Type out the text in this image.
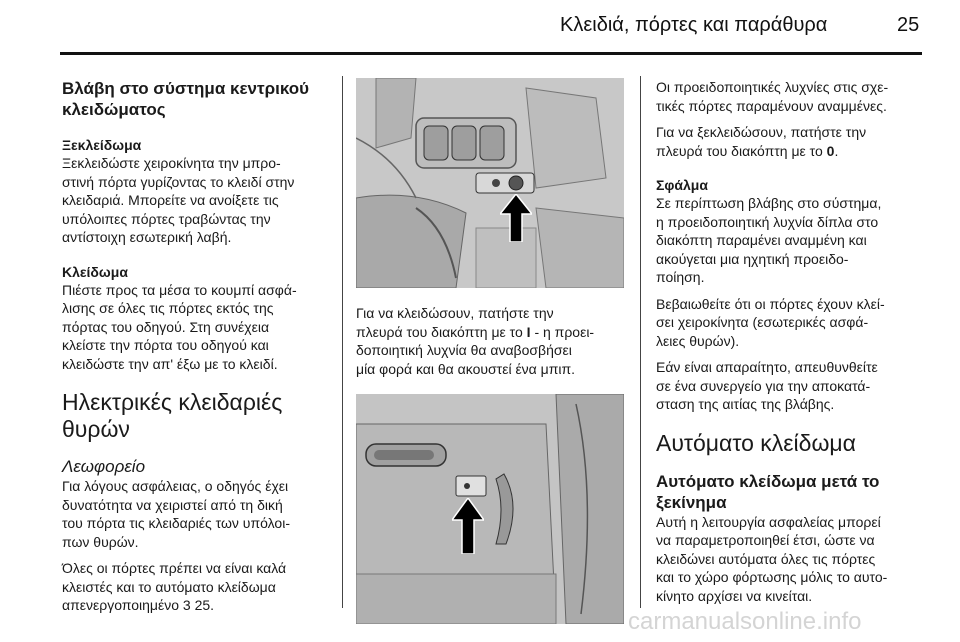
Κλειδιά, πόρτες και παράθυρα	25
Βλάβη στο σύστημα κεντρικού
κλειδώματος
Ξεκλείδωμα

Ξεκλειδώστε χειροκίνητα την μπρο-
στινή πόρτα γυρίζοντας το κλειδί στην
κλειδαριά. Μπορείτε να ανοίξετε τις
υπόλοιπες πόρτες τραβώντας την
αντίστοιχη εσωτερική λαβή.

Κλείδωμα

Πιέστε προς τα μέσα το κουμπί ασφά-
λισης σε όλες τις πόρτες εκτός της
πόρτας του οδηγού. Στη συνέχεια
κλείστε την πόρτα του οδηγού και
κλειδώστε την απ' έξω με το κλειδί.

Ηλεκτρικές κλειδαριές
θυρών
Λεωφορείο

Για λόγους ασφάλειας, ο οδηγός έχει
δυνατότητα να χειριστεί από τη δική
του πόρτα τις κλειδαριές των υπόλοι-
πων θυρών.

Όλες οι πόρτες πρέπει να είναι καλά
κλειστές και το αυτόματο κλείδωμα
απενεργοποιημένο 3 25.

Για να κλειδώσουν, πατήστε την
πλευρά του διακόπτη με το I - η προει-
δοποιητική λυχνία θα αναβοσβήσει
μία φορά και θα ακουστεί ένα μπιπ.

Οι προειδοποιητικές λυχνίες στις σχε-
τικές πόρτες παραμένουν αναμμένες.

Για να ξεκλειδώσουν, πατήστε την
πλευρά του διακόπτη με το 0.

Σφάλμα

Σε περίπτωση βλάβης στο σύστημα,
η προειδοποιητική λυχνία δίπλα στο
διακόπτη παραμένει αναμμένη και
ακούγεται μια ηχητική προειδο-
ποίηση.

Βεβαιωθείτε ότι οι πόρτες έχουν κλεί-
σει χειροκίνητα (εσωτερικές ασφά-
λειες θυρών).

Εάν είναι απαραίτητο, απευθυνθείτε
σε ένα συνεργείο για την αποκατά-
σταση της αιτίας της βλάβης.

Αυτόματο κλείδωμα
Αυτόματο κλείδωμα μετά το
ξεκίνημα

Αυτή η λειτουργία ασφαλείας μπορεί
να παραμετροποιηθεί έτσι, ώστε να
κλειδώνει αυτόματα όλες τις πόρτες
και το χώρο φόρτωσης μόλις το αυτο-
κίνητο αρχίσει να κινείται.

carmanualsonline.info
